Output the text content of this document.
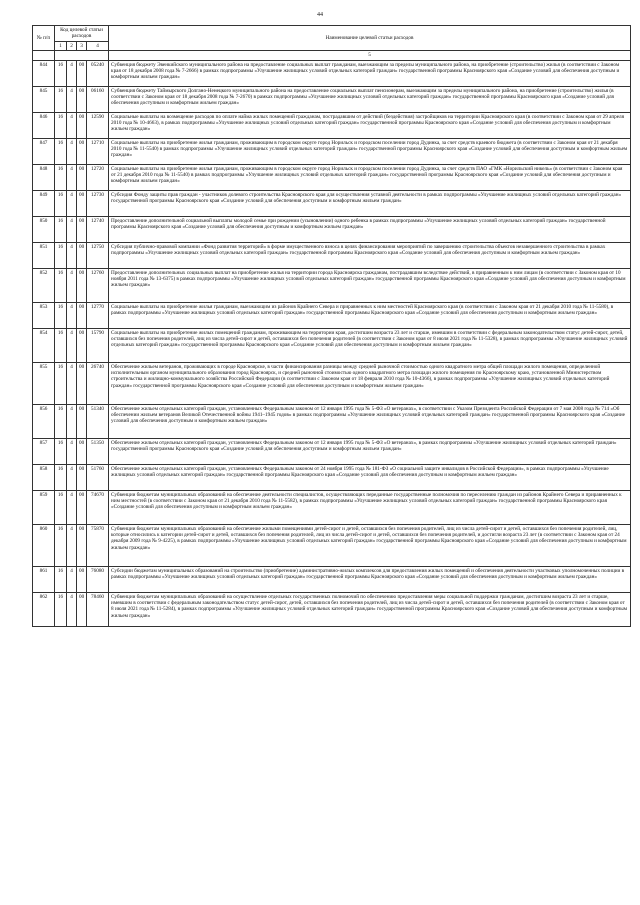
44
№ п/п	Код целевой статьи расходов				Наименование целевой статьи расходов
	1	2	3	4	
					5
844	16	4	00	05240	Субвенция бюджету Эвенкийского муниципального района на предоставление социальных выплат гражданам, выезжающим за пределы муниципального района, на приобретение (строительство) жилья (в соответствии с Законом края от 18 декабря 2008 года № 7-2666) в рамках подпрограммы «Улучшение жилищных условий отдельных категорий граждан» государственной программы Красноярского края «Создание условий для обеспечения доступным и комфортным жильем граждан»
845	16	4	00	06160	Субвенция бюджету Таймырского Долгано-Ненецкого муниципального района на предоставление социальных выплат пенсионерам, выезжающим за пределы муниципального района, на приобретение (строительство) жилья (в соответствии с Законом края от 18 декабря 2008 года № 7-2670) в рамках подпрограммы «Улучшение жилищных условий отдельных категорий граждан» государственной программы Красноярского края «Создание условий для обеспечения доступным и комфортным жильем граждан»
846	16	4	00	12590	Социальные выплаты на возмещение расходов по оплате найма жилых помещений гражданам, пострадавшим от действий (бездействия) застройщиков на территории Красноярского края (в соответствии с Законом края от 29 апреля 2010 года № 10-4663), в рамках подпрограммы «Улучшение жилищных условий отдельных категорий граждан» государственной программы Красноярского края «Создание условий для обеспечения доступным и комфортным жильем граждан»
847	16	4	00	12710	Социальные выплаты на приобретение жилья гражданам, проживающим в городском округе город Норильск и городском поселении город Дудинка, за счет средств краевого бюджета (в соответствии с Законом края от 21 декабря 2010 года № 11-5540) в рамках подпрограммы «Улучшение жилищных условий отдельных категорий граждан» государственной программы Красноярского края «Создание условий для обеспечения доступным и комфортным жильем граждан»
848	16	4	00	12720	Социальные выплаты на приобретение жилья гражданам, проживающим в городском округе город Норильск и городском поселении город Дудинка, за счет средств ПАО «ГМК «Норильский никель» (в соответствии с Законом края от 21 декабря 2010 года № 11-5540) в рамках подпрограммы «Улучшение жилищных условий отдельных категорий граждан» государственной программы Красноярского края «Создание условий для обеспечения доступным и комфортным жильем граждан»
849	16	4	00	12730	Субсидия Фонду защиты прав граждан - участников долевого строительства Красноярского края для осуществления уставной деятельности в рамках подпрограммы «Улучшение жилищных условий отдельных категорий граждан» государственной программы Красноярского края «Создание условий для обеспечения доступным и комфортным жильем граждан»
850	16	4	00	12740	Предоставление дополнительной социальной выплаты молодой семье при рождении (усыновлении) одного ребенка в рамках подпрограммы «Улучшение жилищных условий отдельных категорий граждан» государственной программы Красноярского края «Создание условий для обеспечения доступным и комфортным жильем граждан»
851	16	4	00	12750	Субсидия публично-правовой компании «Фонд развития территорий» в форме имущественного взноса в целях финансирования мероприятий по завершению строительства объектов незавершенного строительства в рамках подпрограммы «Улучшение жилищных условий отдельных категорий граждан» государственной программы Красноярского края «Создание условий для обеспечения доступным и комфортным жильем граждан»
852	16	4	00	12760	Предоставление дополнительных социальных выплат на приобретение жилья на территории города Красноярска гражданам, пострадавшим вследствие действий, в приравненным к ним лицам (в соответствии с Законом края от 10 ноября 2011 года № 13-6375) в рамках подпрограммы «Улучшение жилищных условий отдельных категорий граждан» государственной программы Красноярского края «Создание условий для обеспечения доступным и комфортным жильем граждан»
853	16	4	00	12770	Социальные выплаты на приобретение жилья гражданам, выезжающим из районов Крайнего Севера и приравненных к ним местностей Красноярского края (в соответствии с Законом края от 21 декабря 2010 года № 11-5580), в рамках подпрограммы «Улучшение жилищных условий отдельных категорий граждан» государственной программы Красноярского края «Создание условий для обеспечения доступным и комфортным жильем граждан»
854	16	4	00	15790	Социальные выплаты на приобретение жилых помещений гражданам, проживающим на территории края, достигшим возраста 23 лет и старше, имевшим в соответствии с федеральным законодательством статус детей-сирот, детей, оставшихся без попечения родителей, лиц из числа детей-сирот и детей, оставшихся без попечения родителей (в соответствии с Законом края от 8 июля 2021 года № 11-5328), в рамках подпрограммы «Улучшение жилищных условий отдельных категорий граждан» государственной программы Красноярского края «Создание условий для обеспечения доступным и комфортным жильем граждан»
855	16	4	00	26740	Обеспечение жильем ветеранов, проживающих в городе Красноярске, в части финансирования разницы между средней рыночной стоимостью одного квадратного метра общей площади жилого помещения, определенной исполнительным органом муниципального образования город Красноярск, и средней рыночной стоимостью одного квадратного метра площади жилого помещения по Красноярскому краю, установленной Министерством строительства и жилищно-коммунального хозяйства Российской Федерации (в соответствии с Законом края от 18 февраля 2010 года № 10-4366), в рамках подпрограммы «Улучшение жилищных условий отдельных категорий граждан» государственной программы Красноярского края «Создание условий для обеспечения доступным и комфортным жильем граждан»
856	16	4	00	51340	Обеспечение жильем отдельных категорий граждан, установленных Федеральным законом от 12 января 1995 года № 5-ФЗ «О ветеранах», в соответствии с Указом Президента Российской Федерации от 7 мая 2008 года № 714 «Об обеспечении жильем ветеранов Великой Отечественной войны 1941–1945 годов» в рамках подпрограммы «Улучшение жилищных условий отдельных категорий граждан» государственной программы Красноярского края «Создание условий для обеспечения доступным и комфортным жильем граждан»
857	16	4	00	51350	Обеспечение жильем отдельных категорий граждан, установленных Федеральным законом от 12 января 1995 года № 5-ФЗ «О ветеранах», в рамках подпрограммы «Улучшение жилищных условий отдельных категорий граждан» государственной программы Красноярского края «Создание условий для обеспечения доступным и комфортным жильем граждан»
858	16	4	00	51760	Обеспечение жильем отдельных категорий граждан, установленных Федеральным законом от 24 ноября 1995 года № 181-ФЗ «О социальной защите инвалидов в Российской Федерации», в рамках подпрограммы «Улучшение жилищных условий отдельных категорий граждан» государственной программы Красноярского края «Создание условий для обеспечения доступным и комфортным жильем граждан»
859	16	4	00	74670	Субвенции бюджетам муниципальных образований на обеспечение деятельности специалистов, осуществляющих переданные государственные полномочия по переселению граждан из районов Крайнего Севера и приравненных к ним местностей (в соответствии с Законом края от 21 декабря 2010 года № 11-5582), в рамках подпрограммы «Улучшение жилищных условий отдельных категорий граждан» государственной программы Красноярского края «Создание условий для обеспечения доступным и комфортным жильем граждан»
860	16	4	00	75870	Субвенции бюджетам муниципальных образований на обеспечение жилыми помещениями детей-сирот и детей, оставшихся без попечения родителей, лиц из числа детей-сирот и детей, оставшихся без попечения родителей, лиц, которые относились к категории детей-сирот и детей, оставшихся без попечения родителей, лиц из числа детей-сирот и детей, оставшихся без попечения родителей, и достигли возраста 23 лет (в соответствии с Законом края от 24 декабря 2009 года № 9-4225), в рамках подпрограммы «Улучшение жилищных условий отдельных категорий граждан» государственной программы Красноярского края «Создание условий для обеспечения доступным и комфортным жильем граждан»
861	16	4	00	76080	Субсидии бюджетам муниципальных образований на строительство (приобретение) административно-жилых комплексов для предоставления жилых помещений и обеспечения деятельности участковых уполномоченных полиции в рамках подпрограммы «Улучшение жилищных условий отдельных категорий граждан» государственной программы Красноярского края «Создание условий для обеспечения доступным и комфортным жильем граждан»
862	16	4	00	78460	Субвенции бюджетам муниципальных образований на осуществление отдельных государственных полномочий по обеспечению предоставления меры социальной поддержки гражданам, достигшим возраста 23 лет и старше, имевшим в соответствии с федеральным законодательством статус детей-сирот, детей, оставшихся без попечения родителей, лиц из числа детей-сирот и детей, оставшихся без попечения родителей (в соответствии с Законом края от 8 июля 2021 года № 11-5284), в рамках подпрограммы «Улучшение жилищных условий отдельных категорий граждан» государственной программы Красноярского края «Создание условий для обеспечения доступным и комфортным жильем граждан»
